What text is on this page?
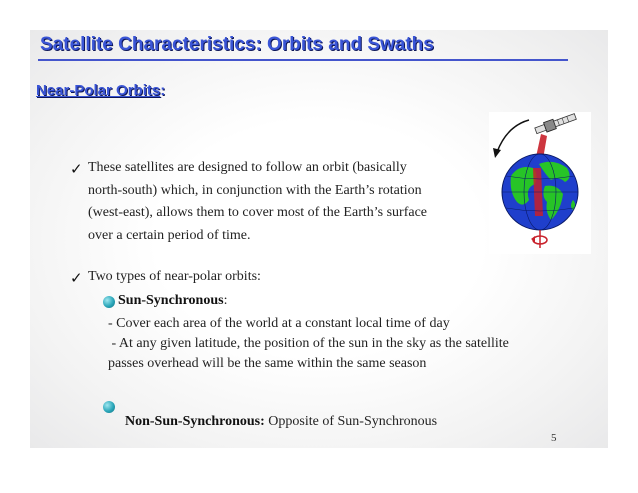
Satellite Characteristics: Orbits and Swaths
Near-Polar Orbits:
✓ These satellites are designed to follow an orbit (basically
north-south) which, in conjunction with the Earth’s rotation
(west-east), allows them to cover most of the Earth’s surface
over a certain period of time.
✓ Two types of near-polar orbits:
Sun-Synchronous:
- Cover each area of the world at a constant local time of day
- At any given latitude, the position of the sun in the sky as the satellite
passes overhead will be the same within the same season

Non-Sun-Synchronous: Opposite of Sun-Synchronous

5
